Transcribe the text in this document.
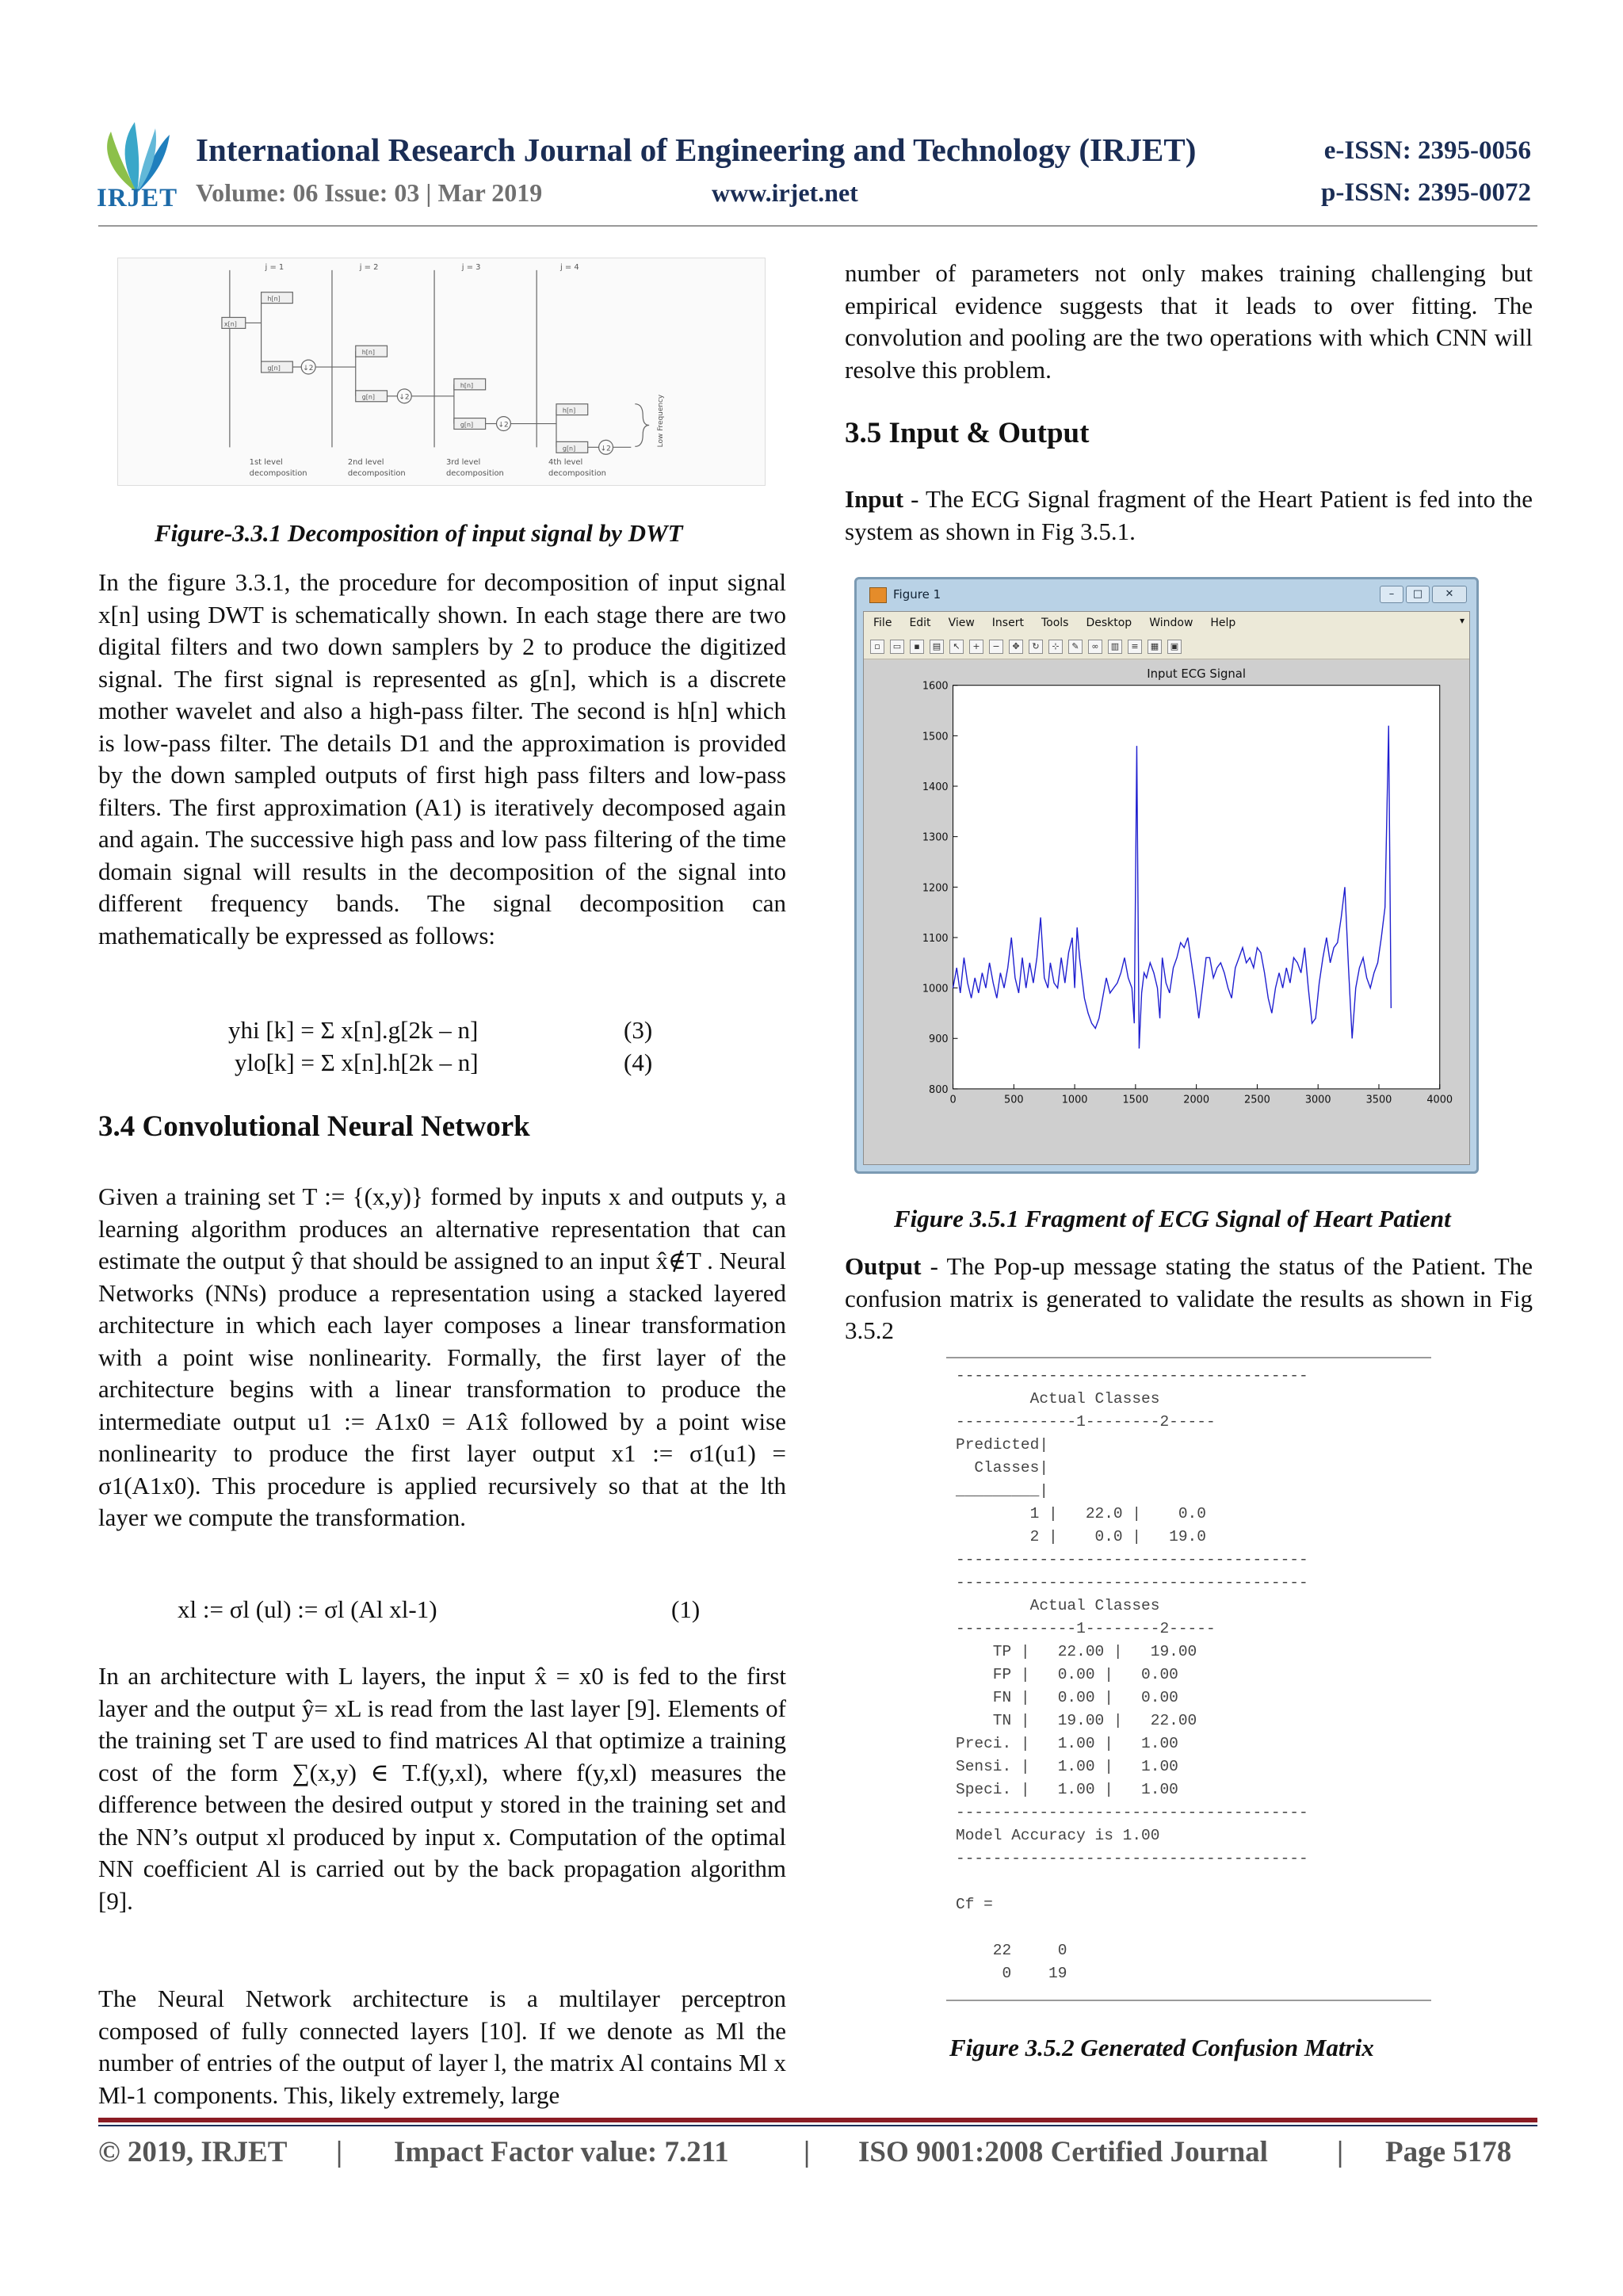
IRJET
International Research Journal of Engineering and Technology (IRJET)
Volume: 06 Issue: 03 | Mar 2019	www.irjet.net
e-ISSN: 2395-0056
p-ISSN: 2395-0072
j = 1	j = 2	j = 3	j = 4
x[n]
h[n]
g[n]
h[n]
g[n]
h[n]
g[n]
h[n]
g[n]
↓2
↓2
↓2
↓2
Low Frequency
1st level
decomposition
2nd level
decomposition
3rd level
decomposition
4th level
decomposition
Figure-3.3.1 Decomposition of input signal by DWT
In the figure 3.3.1, the procedure for decomposition of input signal x[n] using DWT is schematically shown. In each stage there are two digital filters and two down samplers by 2 to produce the digitized signal. The first signal is represented as g[n], which is a discrete mother wavelet and also a high-pass filter. The second is h[n] which is low-pass filter. The details D1 and the approximation is provided by the down sampled outputs of first high pass filters and low-pass filters. The first approximation (A1) is iteratively decomposed again and again. The successive high pass and low pass filtering of the time domain signal will results in the decomposition of the signal into different frequency bands. The signal decomposition can mathematically be expressed as follows:
yhi [k] = Σ x[n].g[2k – n]	(3)
ylo[k] = Σ x[n].h[2k – n]	(4)
3.4 Convolutional Neural Network
Given a training set T := {(x,y)} formed by inputs x and outputs y, a learning algorithm produces an alternative representation that can estimate the output ŷ that should be assigned to an input x̂∉T . Neural Networks (NNs) produce a representation using a stacked layered architecture in which each layer composes a linear transformation with a point wise nonlinearity. Formally, the first layer of the architecture begins with a linear transformation to produce the intermediate output u1 := A1x0 = A1x̂ followed by a point wise nonlinearity to produce the first layer output x1 := σ1(u1) = σ1(A1x0). This procedure is applied recursively so that at the lth layer we compute the transformation.
xl := σl (ul) := σl (Al xl-1)	(1)
In an architecture with L layers, the input x̂ = x0 is fed to the first layer and the output ŷ= xL is read from the last layer [9]. Elements of the training set T are used to find matrices Al that optimize a training cost of the form ∑(x,y) ∈ T.f(y,xl), where f(y,xl) measures the difference between the desired output y stored in the training set and the NN’s output xl produced by input x. Computation of the optimal NN coefficient Al is carried out by the back propagation algorithm [9].
The Neural Network architecture is a multilayer perceptron composed of fully connected layers [10]. If we denote as Ml the number of entries of the output of layer l, the matrix Al contains Ml x Ml-1 components. This, likely extremely, large
number of parameters not only makes training challenging but empirical evidence suggests that it leads to over fitting. The convolution and pooling are the two operations with which CNN will resolve this problem.
3.5 Input & Output
Input - The ECG Signal fragment of the Heart Patient is fed into the system as shown in Fig 3.5.1.
Figure 1	–	□	✕
File Edit View Insert Tools Desktop Window Help	▾
▫	▭	▪	▤	↖	+	−	✥	↻	⊹	✎	∞	▥	≡	▦	▣
Input ECG Signal
0	500	1000	1500	2000	2500	3000	3500	4000
800
900
1000
1100
1200
1300
1400
1500
1600
Figure 3.5.1 Fragment of ECG Signal of Heart Patient
Output - The Pop-up message stating the status of the Patient. The confusion matrix is generated to validate the results as shown in Fig 3.5.2
--------------------------------------
Actual Classes
-------------1--------2-----
Predicted|
Classes|
_________|
1 |   22.0 |    0.0
2 |    0.0 |   19.0
--------------------------------------
--------------------------------------
Actual Classes
-------------1--------2-----
TP |   22.00 |   19.00
FP |   0.00 |   0.00
FN |   0.00 |   0.00
TN |   19.00 |   22.00
Preci. |   1.00 |   1.00
Sensi. |   1.00 |   1.00
Speci. |   1.00 |   1.00
--------------------------------------
Model Accuracy is 1.00
--------------------------------------

Cf =

22     0
0    19
Figure 3.5.2 Generated Confusion Matrix
© 2019, IRJET | Impact Factor value: 7.211	| ISO 9001:2008 Certified Journal | Page 5178
